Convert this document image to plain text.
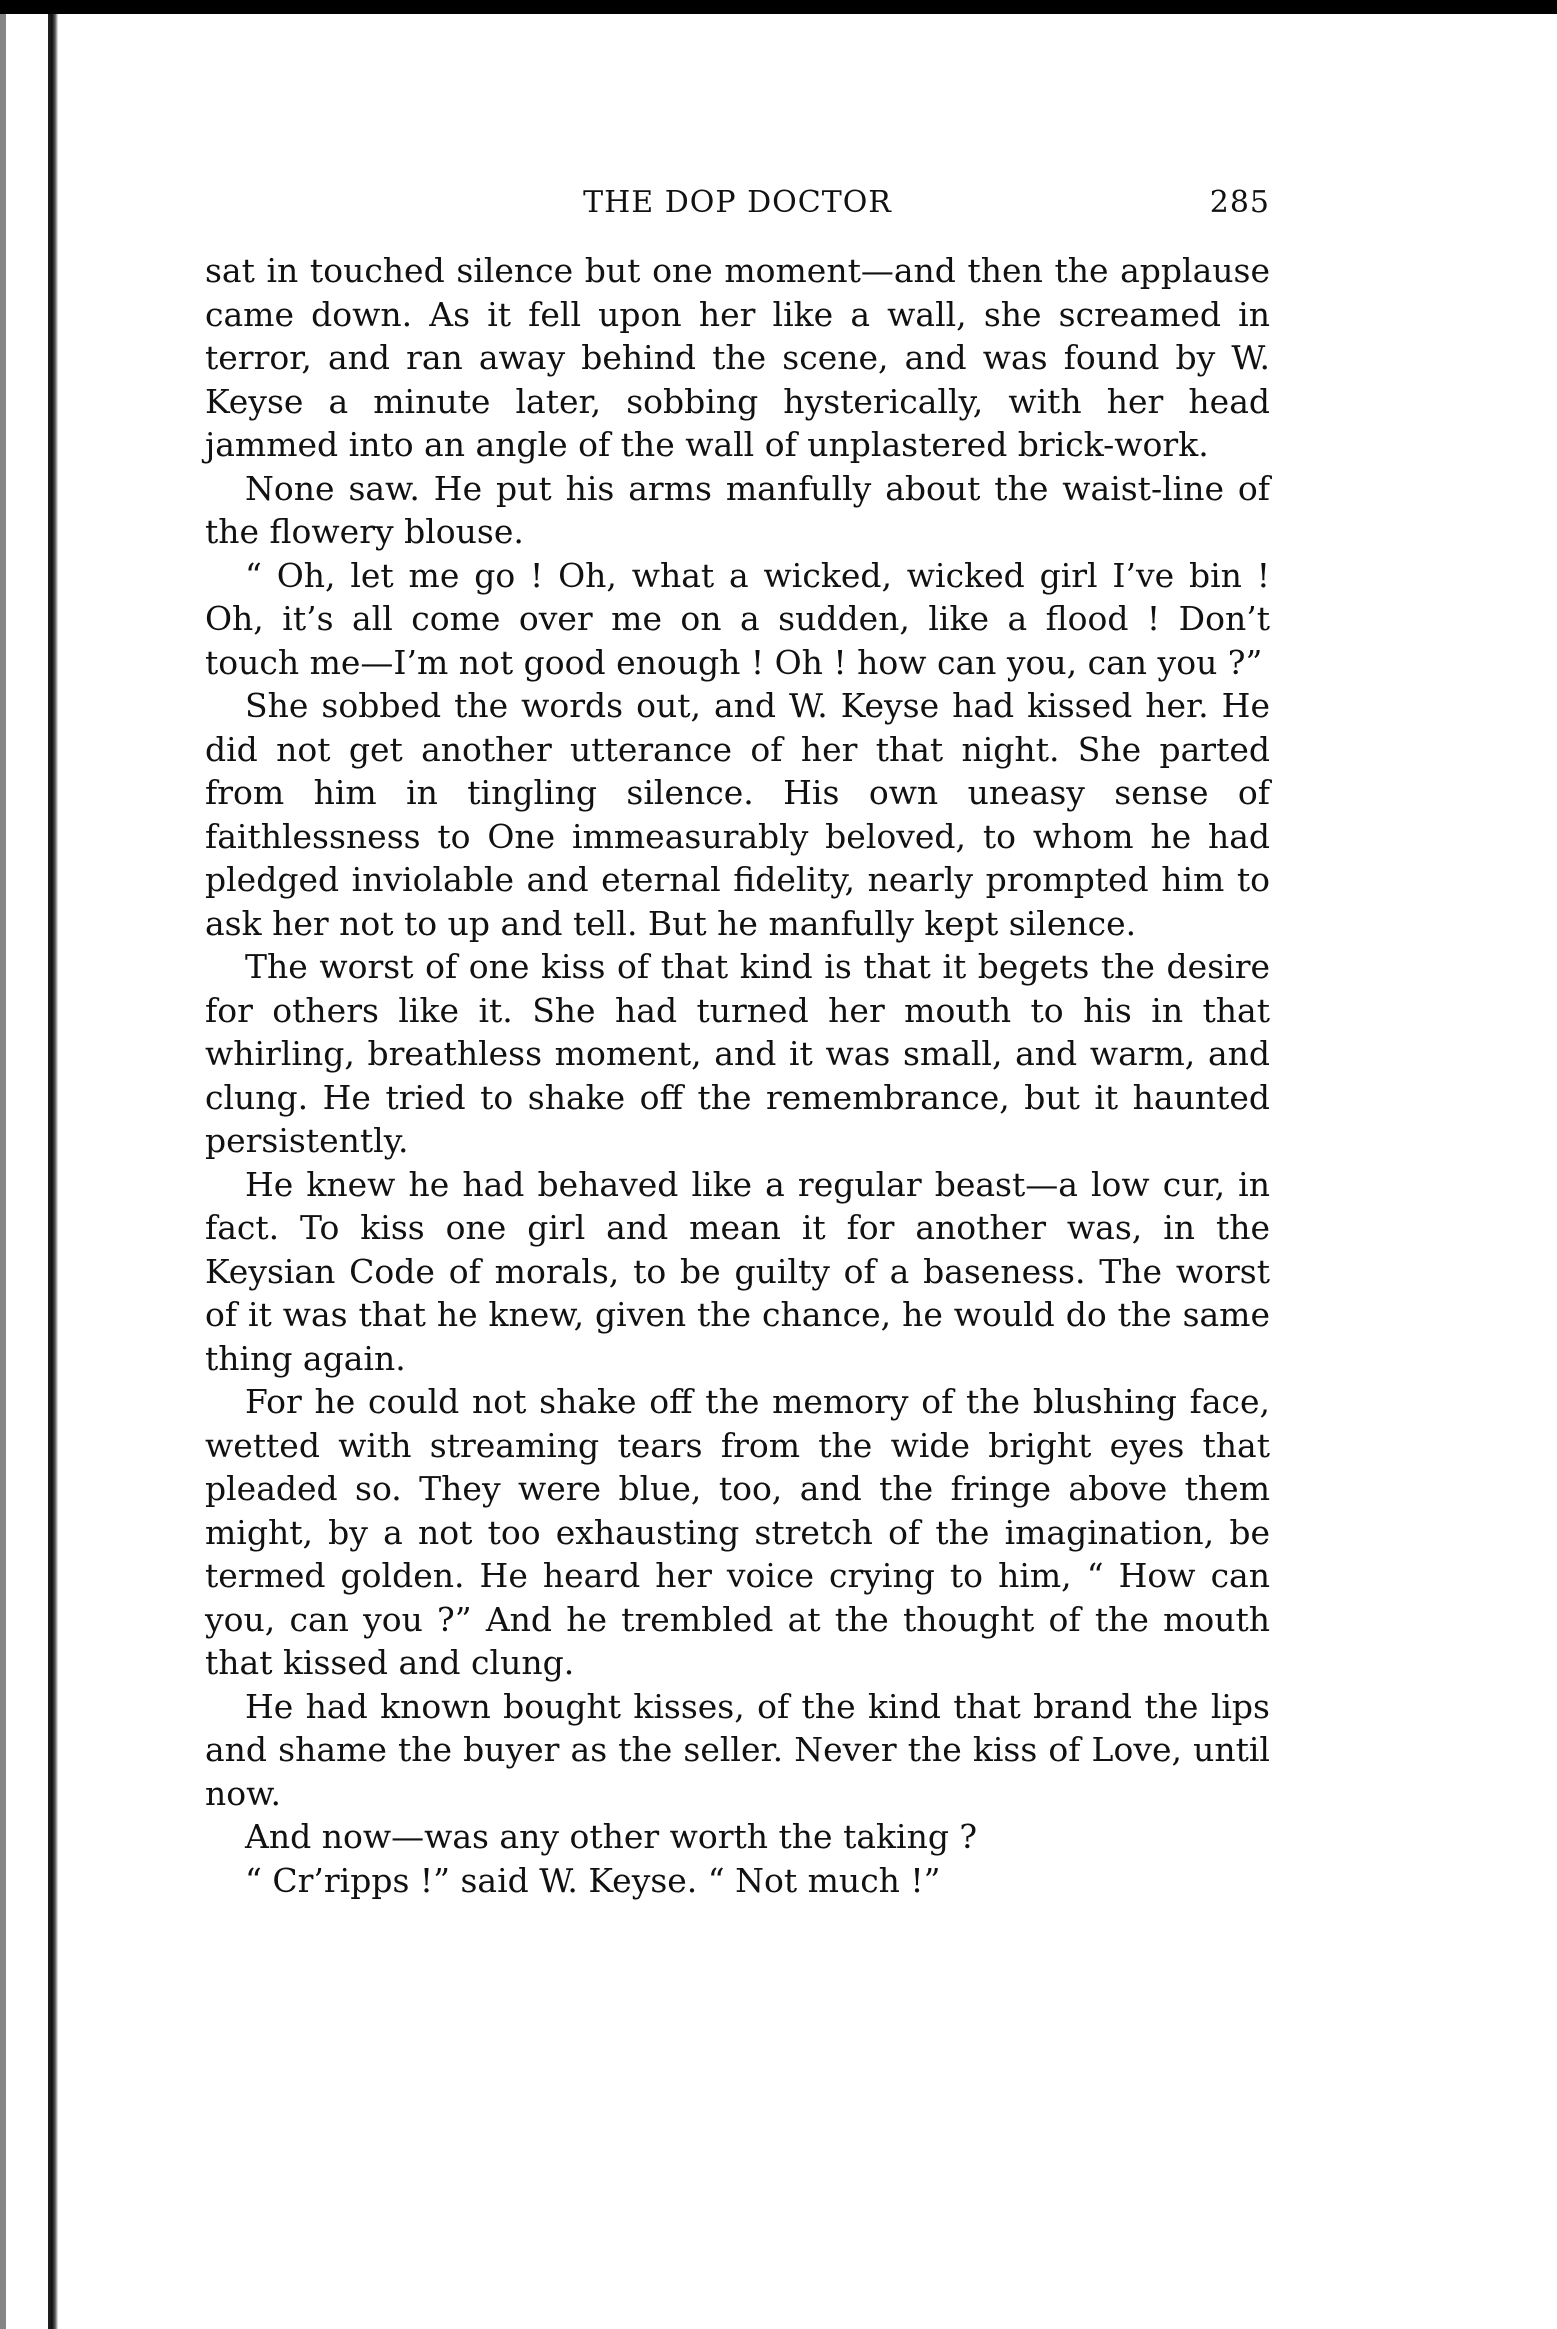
THE DOP DOCTOR	285

sat in touched silence but one moment—and then the applause came down. As it fell upon her like a wall, she screamed in terror, and ran away behind the scene, and was found by W. Keyse a minute later, sobbing hysterically, with her head jammed into an angle of the wall of unplastered brick-work.

None saw. He put his arms manfully about the waist-line of the flowery blouse.

“ Oh, let me go ! Oh, what a wicked, wicked girl I’ve bin ! Oh, it’s all come over me on a sudden, like a flood ! Don’t touch me—I’m not good enough ! Oh ! how can you, can you ?”

She sobbed the words out, and W. Keyse had kissed her. He did not get another utterance of her that night. She parted from him in tingling silence. His own uneasy sense of faithlessness to One immeasurably beloved, to whom he had pledged inviolable and eternal fidelity, nearly prompted him to ask her not to up and tell. But he manfully kept silence.

The worst of one kiss of that kind is that it begets the desire for others like it. She had turned her mouth to his in that whirling, breathless moment, and it was small, and warm, and clung. He tried to shake off the remembrance, but it haunted persistently.

He knew he had behaved like a regular beast—a low cur, in fact. To kiss one girl and mean it for another was, in the Keysian Code of morals, to be guilty of a baseness. The worst of it was that he knew, given the chance, he would do the same thing again.

For he could not shake off the memory of the blushing face, wetted with streaming tears from the wide bright eyes that pleaded so. They were blue, too, and the fringe above them might, by a not too exhausting stretch of the imagination, be termed golden. He heard her voice crying to him, “ How can you, can you ?” And he trembled at the thought of the mouth that kissed and clung.

He had known bought kisses, of the kind that brand the lips and shame the buyer as the seller. Never the kiss of Love, until now.

And now—was any other worth the taking ?

“ Cr’ripps !” said W. Keyse. “ Not much !”
